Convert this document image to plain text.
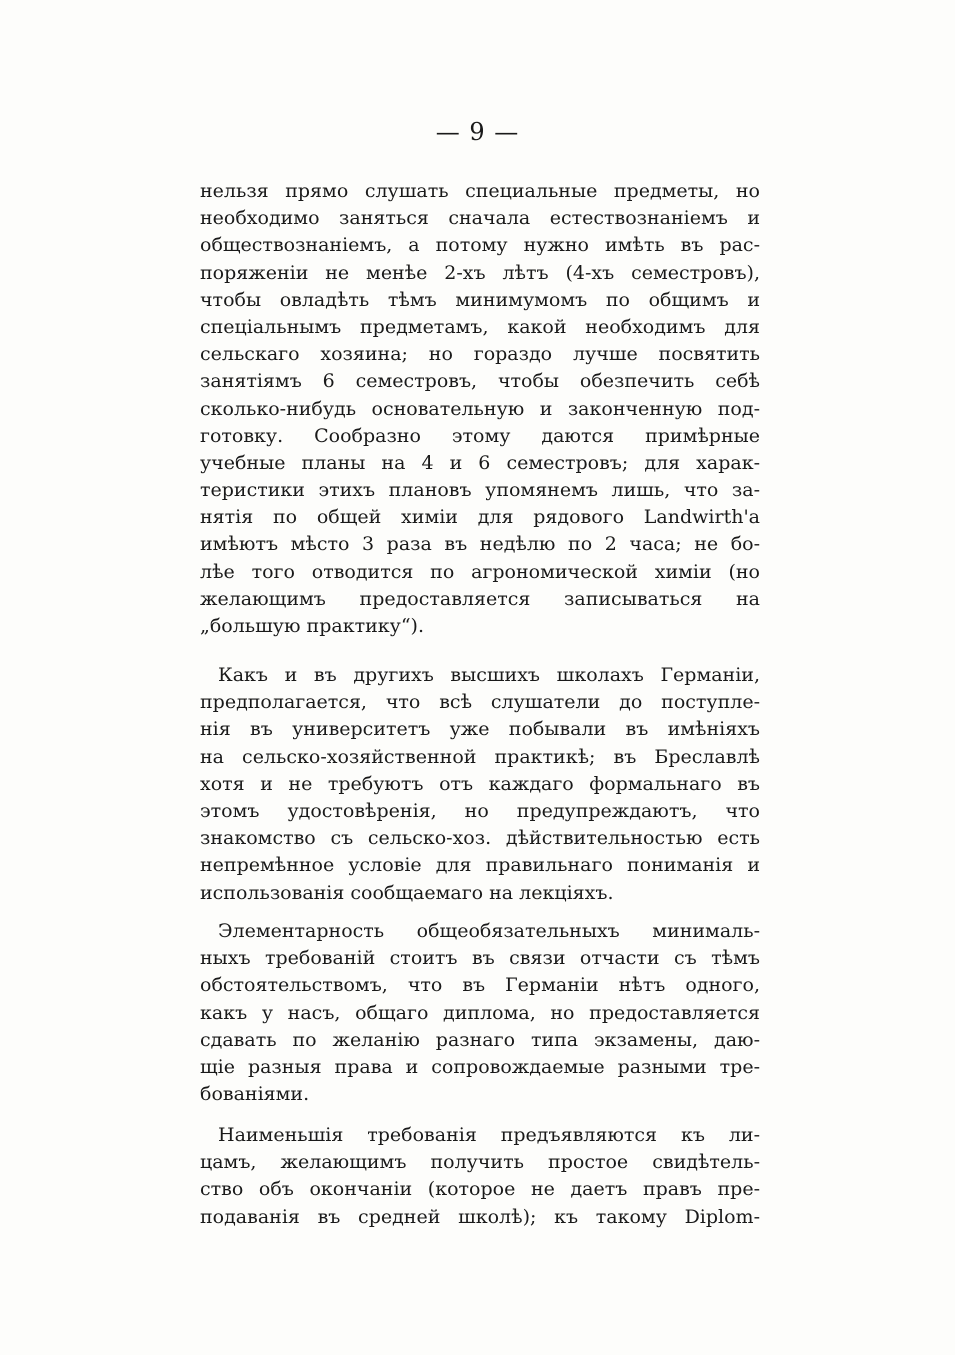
— 9 —
нельзя прямо слушать специальные предметы, но
необходимо заняться сначала естествознанiемъ и
обществознанiемъ, а потому нужно имѣть въ рас-
поряженiи не менѣе 2-хъ лѣтъ (4-хъ семестровъ),
чтобы овладѣть тѣмъ минимумомъ по общимъ и
спецiальнымъ предметамъ, какой необходимъ для
сельскаго хозяина; но гораздо лучше посвятить
занятiямъ 6 семестровъ, чтобы обезпечить себѣ
сколько-нибудь основательную и законченную под-
готовку. Сообразно этому даются примѣрные
учебные планы на 4 и 6 семестровъ; для харак-
теристики этихъ плановъ упомянемъ лишь, что за-
нятiя по общей химiи для рядового Landwirth'a
имѣютъ мѣсто 3 раза въ недѣлю по 2 часа; не бо-
лѣе того отводится по агрономической химiи (но
желающимъ предоставляется записываться на
„большую практику“).
Какъ и въ другихъ высшихъ школахъ Германiи,
предполагается, что всѣ слушатели до поступле-
нiя въ университетъ уже побывали въ имѣнiяхъ
на сельско-хозяйственной практикѣ; въ Бреславлѣ
хотя и не требуютъ отъ каждаго формальнаго въ
этомъ удостовѣренiя, но предупреждаютъ, что
знакомство съ сельско-хоз. дѣйствительностью есть
непремѣнное условiе для правильнаго пониманiя и
использованiя сообщаемаго на лекцiяхъ.
Элементарность общеобязательныхъ минималь-
ныхъ требованiй стоитъ въ связи отчасти съ тѣмъ
обстоятельствомъ, что въ Германiи нѣтъ одного,
какъ у насъ, общаго диплома, но предоставляется
сдавать по желанiю разнаго типа экзамены, даю-
щiе разныя права и сопровождаемые разными тре-
бованiями.
Наименьшiя требованiя предъявляются къ ли-
цамъ, желающимъ получить простое свидѣтель-
ство объ окончанiи (которое не даетъ правъ пре-
подаванiя въ средней школѣ); къ такому Diplom-
